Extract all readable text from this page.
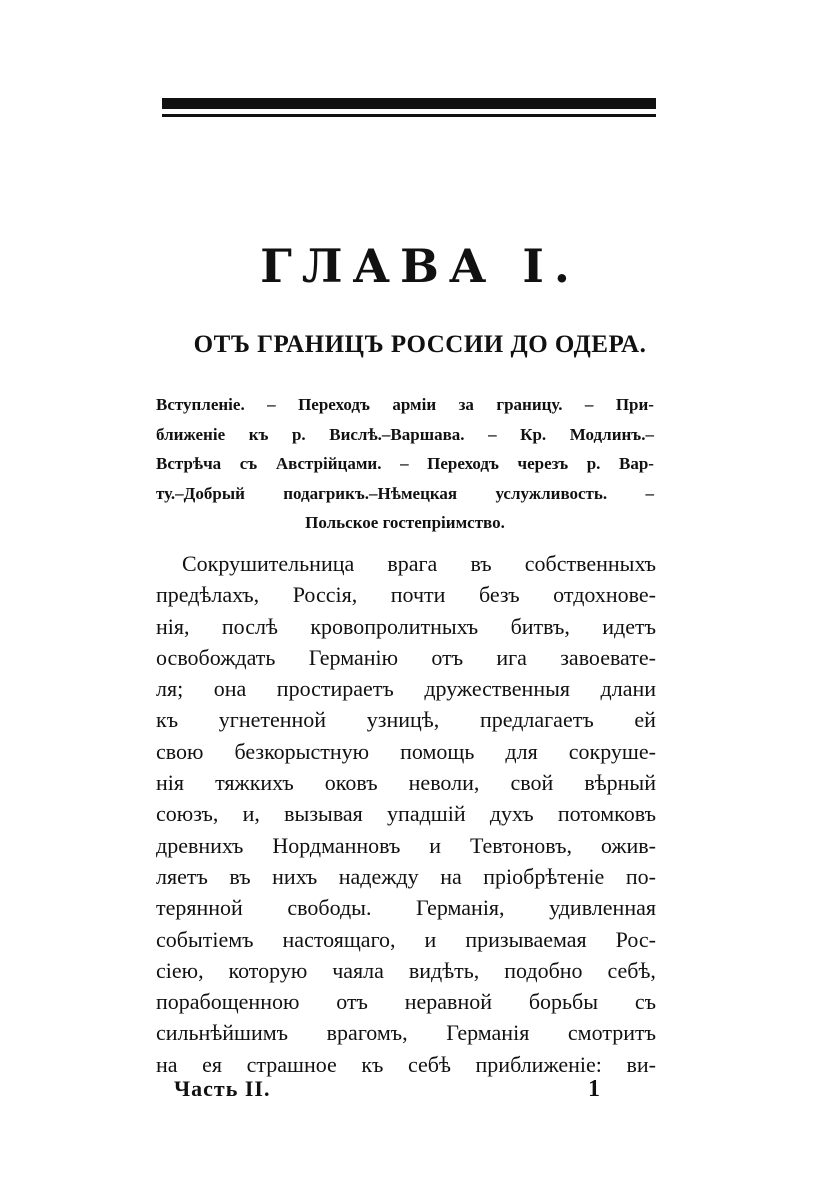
ГЛАВА I.
ОТЪ ГРАНИЦЪ РОССИИ ДО ОДЕРА.
Вступленіе. – Переходъ арміи за границу. – При-
ближеніе къ р. Вислѣ.–Варшава. – Кр. Модлинъ.–
Встрѣча съ Австрійцами. – Переходъ черезъ р. Вар-
ту.–Добрый подагрикъ.–Нѣмецкая услужливость. –
Польское гостепріимство.
Сокрушительница врага въ собственныхъ
предѣлахъ, Россія, почти безъ отдохнове-
нія, послѣ кровопролитныхъ битвъ, идетъ
освобождать Германію отъ ига завоевате-
ля; она простираетъ дружественныя длани
къ угнетенной узницѣ, предлагаетъ ей
свою безкорыстную помощь для сокруше-
нія тяжкихъ оковъ неволи, свой вѣрный
союзъ, и, вызывая упадшій духъ потомковъ
древнихъ Нордманновъ и Тевтоновъ, ожив-
ляетъ въ нихъ надежду на пріобрѣтеніе по-
терянной свободы. Германія, удивленная
событіемъ настоящаго, и призываемая Рос-
сіею, которую чаяла видѣть, подобно себѣ,
порабощенною отъ неравной борьбы съ
сильнѣйшимъ врагомъ, Германія смотритъ
на ея страшное къ себѣ приближеніе: ви-
Часть II.	1
